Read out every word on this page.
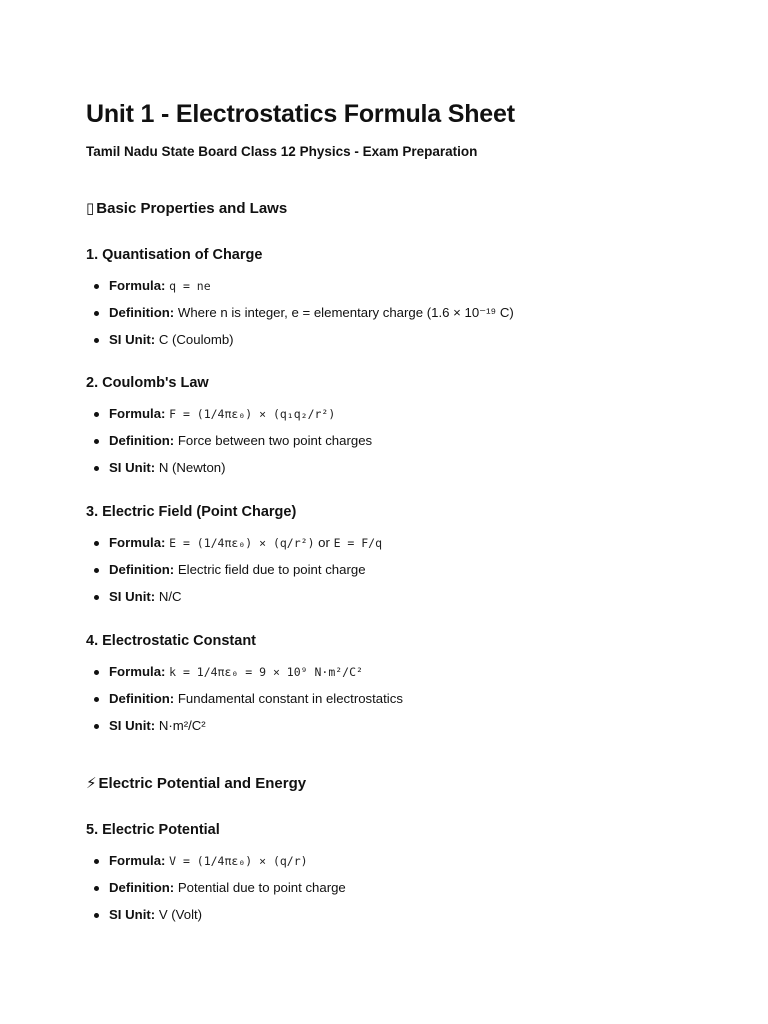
Unit 1 - Electrostatics Formula Sheet

Tamil Nadu State Board Class 12 Physics - Exam Preparation

▯ Basic Properties and Laws
1. Quantisation of Charge
Formula: q = ne
Definition: Where n is integer, e = elementary charge (1.6 × 10⁻¹⁹ C)
SI Unit: C (Coulomb)
2. Coulomb's Law
Formula: F = (1/4πε₀) × (q₁q₂/r²)
Definition: Force between two point charges
SI Unit: N (Newton)
3. Electric Field (Point Charge)
Formula: E = (1/4πε₀) × (q/r²) or E = F/q
Definition: Electric field due to point charge
SI Unit: N/C
4. Electrostatic Constant
Formula: k = 1/4πε₀ = 9 × 10⁹ N·m²/C²
Definition: Fundamental constant in electrostatics
SI Unit: N·m²/C²
⚡ Electric Potential and Energy
5. Electric Potential
Formula: V = (1/4πε₀) × (q/r)
Definition: Potential due to point charge
SI Unit: V (Volt)
